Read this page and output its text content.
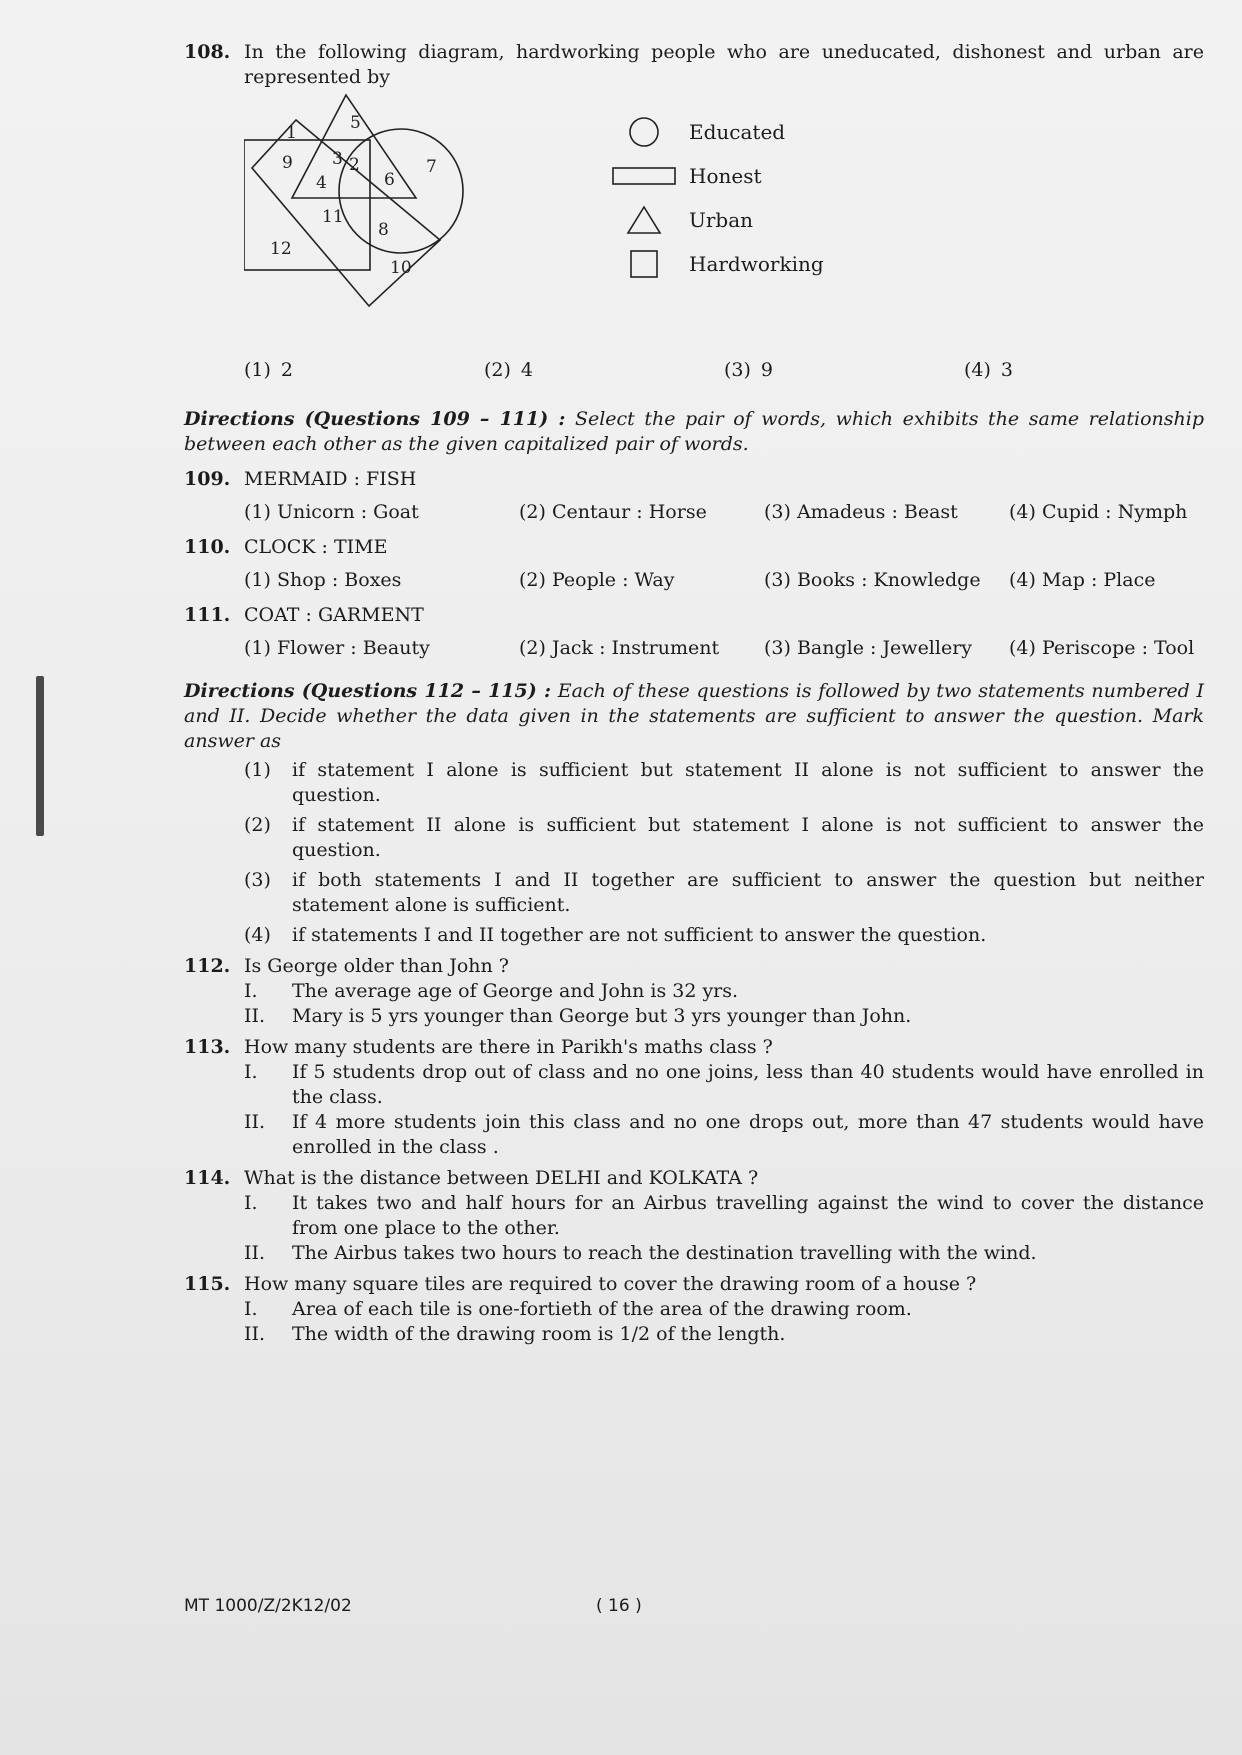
108. In the following diagram, hardworking people who are uneducated, dishonest and urban are represented by
1
2
3
4
5
6
7
8
9
10
11
12
Educated
Honest
Urban
Hardworking
(1) 2	(2) 4	(3) 9	(4) 3
Directions (Questions 109 – 111) : Select the pair of words, which exhibits the same relationship between each other as the given capitalized pair of words.
109. MERMAID : FISH
(1) Unicorn : Goat	(2) Centaur : Horse	(3) Amadeus : Beast	(4) Cupid : Nymph
110. CLOCK : TIME
(1) Shop : Boxes	(2) People : Way	(3) Books : Knowledge	(4) Map : Place
111. COAT : GARMENT
(1) Flower : Beauty	(2) Jack : Instrument	(3) Bangle : Jewellery	(4) Periscope : Tool
Directions (Questions 112 – 115) : Each of these questions is followed by two statements numbered I and II. Decide whether the data given in the statements are sufficient to answer the question. Mark answer as
(1)	if statement I alone is sufficient but statement II alone is not sufficient to answer the question.
(2)	if statement II alone is sufficient but statement I alone is not sufficient to answer the question.
(3)	if both statements I and II together are sufficient to answer the question but neither statement alone is sufficient.
(4)	if statements I and II together are not sufficient to answer the question.
112. Is George older than John ?
I.	The average age of George and John is 32 yrs.
II.	Mary is 5 yrs younger than George but 3 yrs younger than John.
113. How many students are there in Parikh's maths class ?
I.	If 5 students drop out of class and no one joins, less than 40 students would have enrolled in the class.
II.	If 4 more students join this class and no one drops out, more than 47 students would have enrolled in the class .
114. What is the distance between DELHI and KOLKATA ?
I.	It takes two and half hours for an Airbus travelling against the wind to cover the distance from one place to the other.
II.	The Airbus takes two hours to reach the destination travelling with the wind.
115. How many square tiles are required to cover the drawing room of a house ?
I.	Area of each tile is one-fortieth of the area of the drawing room.
II.	The width of the drawing room is 1/2 of the length.
MT 1000/Z/2K12/02	( 16 )
